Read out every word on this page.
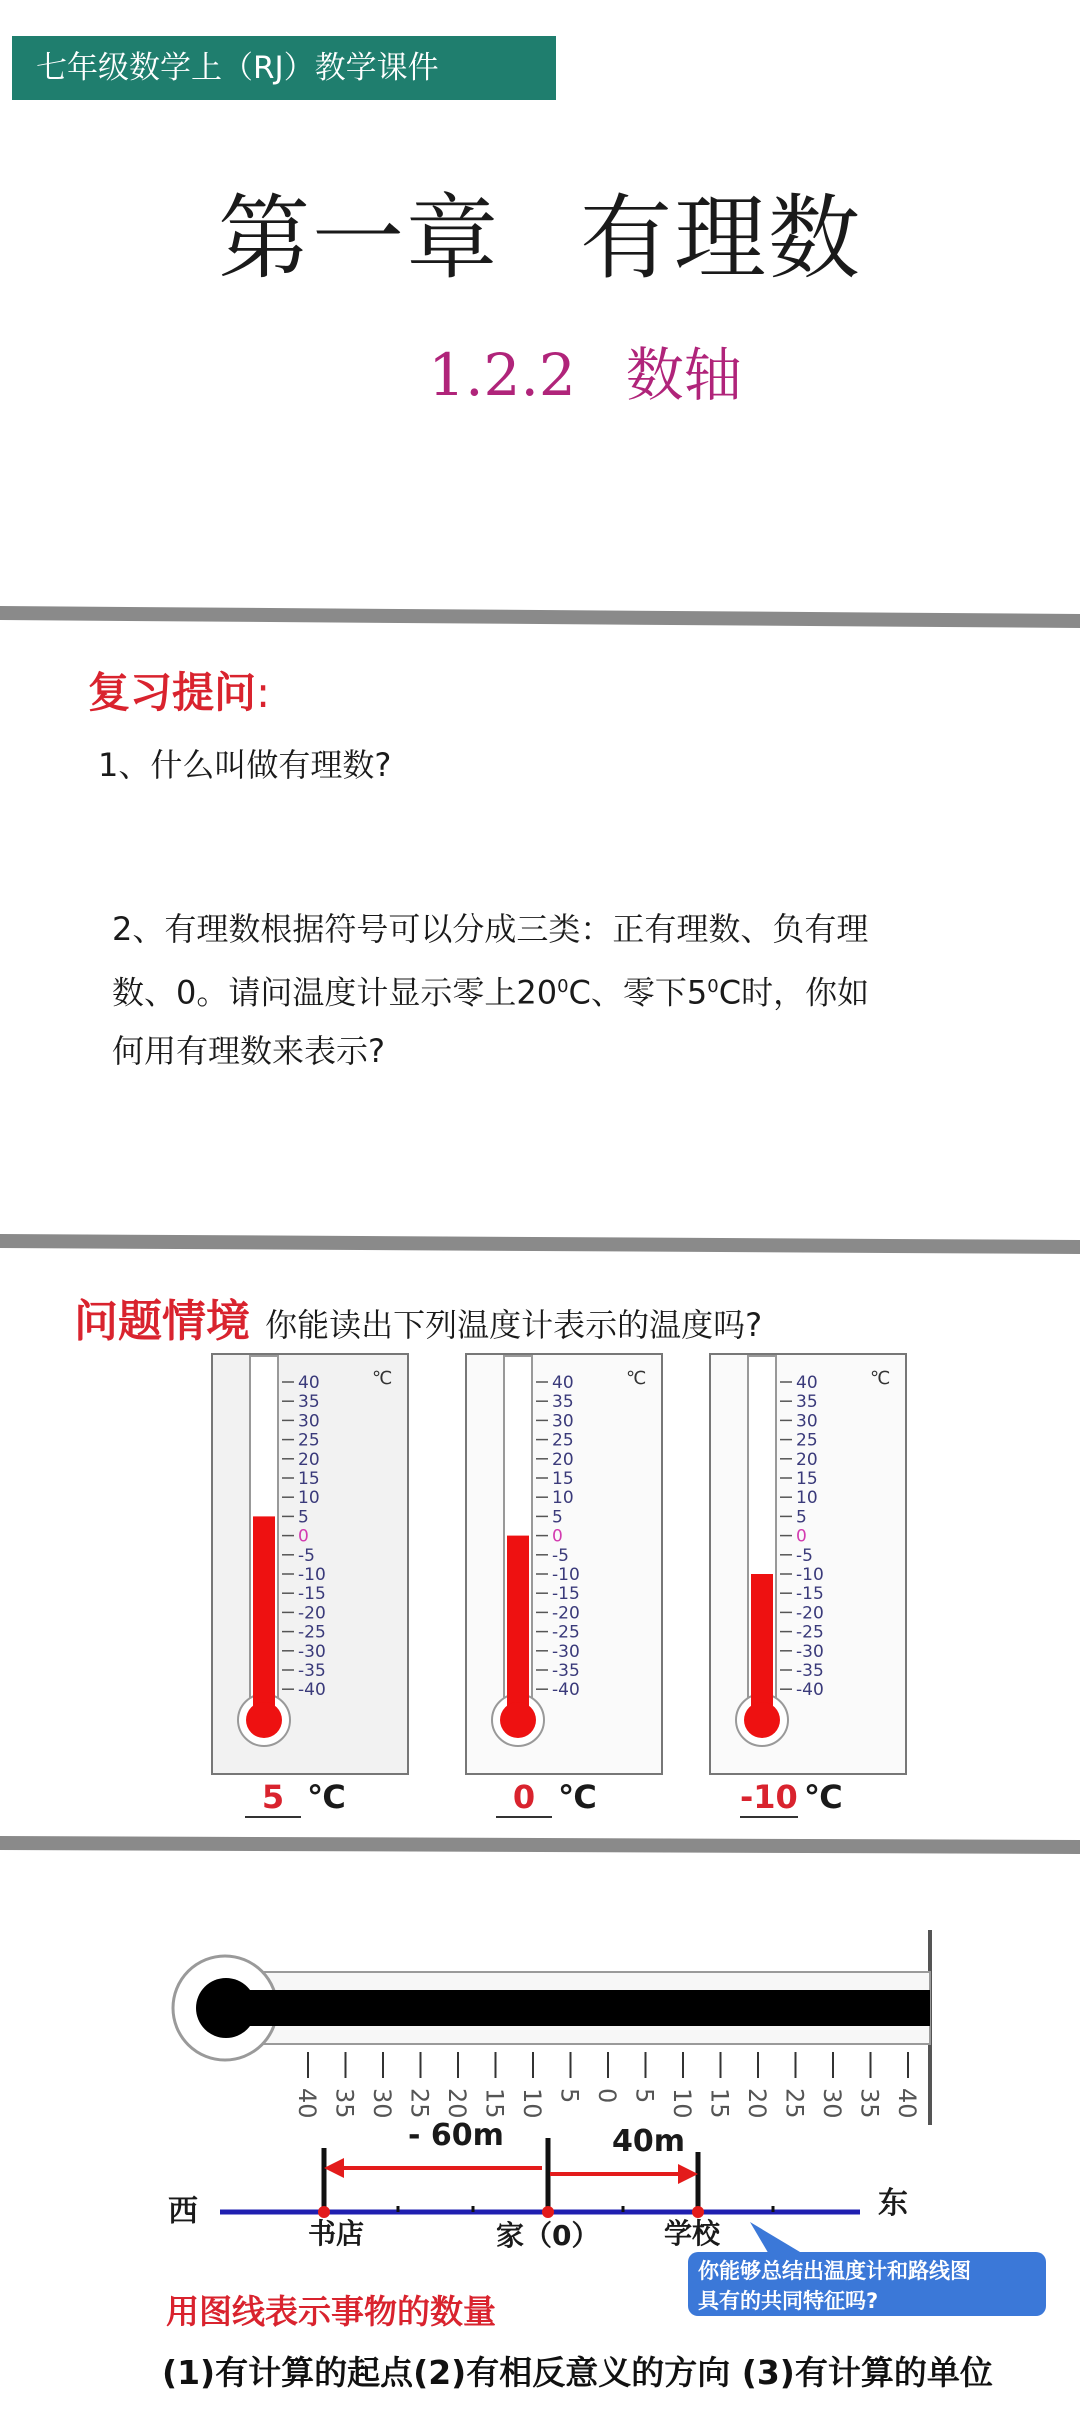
七年级数学上（RJ）教学课件
第一章 有理数
1.2.2 数轴
复习提问:
1、什么叫做有理数?
2、有理数根据符号可以分成三类：正有理数、负有理
数、0。请问温度计显示零上$20^0C$、零下$5^0C$时，你如
何用有理数来表示?
问题情境 你能读出下列温度计表示的温度吗?
40
35
30
25
20
15
10
5
0
-5
-10
-15
-20
-25
-30
-35
-40
℃	40
35
30
25
20
15
10
5
0
-5
-10
-15
-20
-25
-30
-35
-40
℃	40
35
30
25
20
15
10
5
0
-5
-10
-15
-20
-25
-30
-35
-40
℃
5 ℃	0 ℃	-10 ℃
40 35 30 25 20 15 10 5 0 5 10 15 20 25 30 35 40
- 60m	40m
西	东
书店	家（0） 学校
你能够总结出温度计和路线图
具有的共同特征吗?
用图线表示事物的数量
(1)有计算的起点(2)有相反意义的方向 (3)有计算的单位
